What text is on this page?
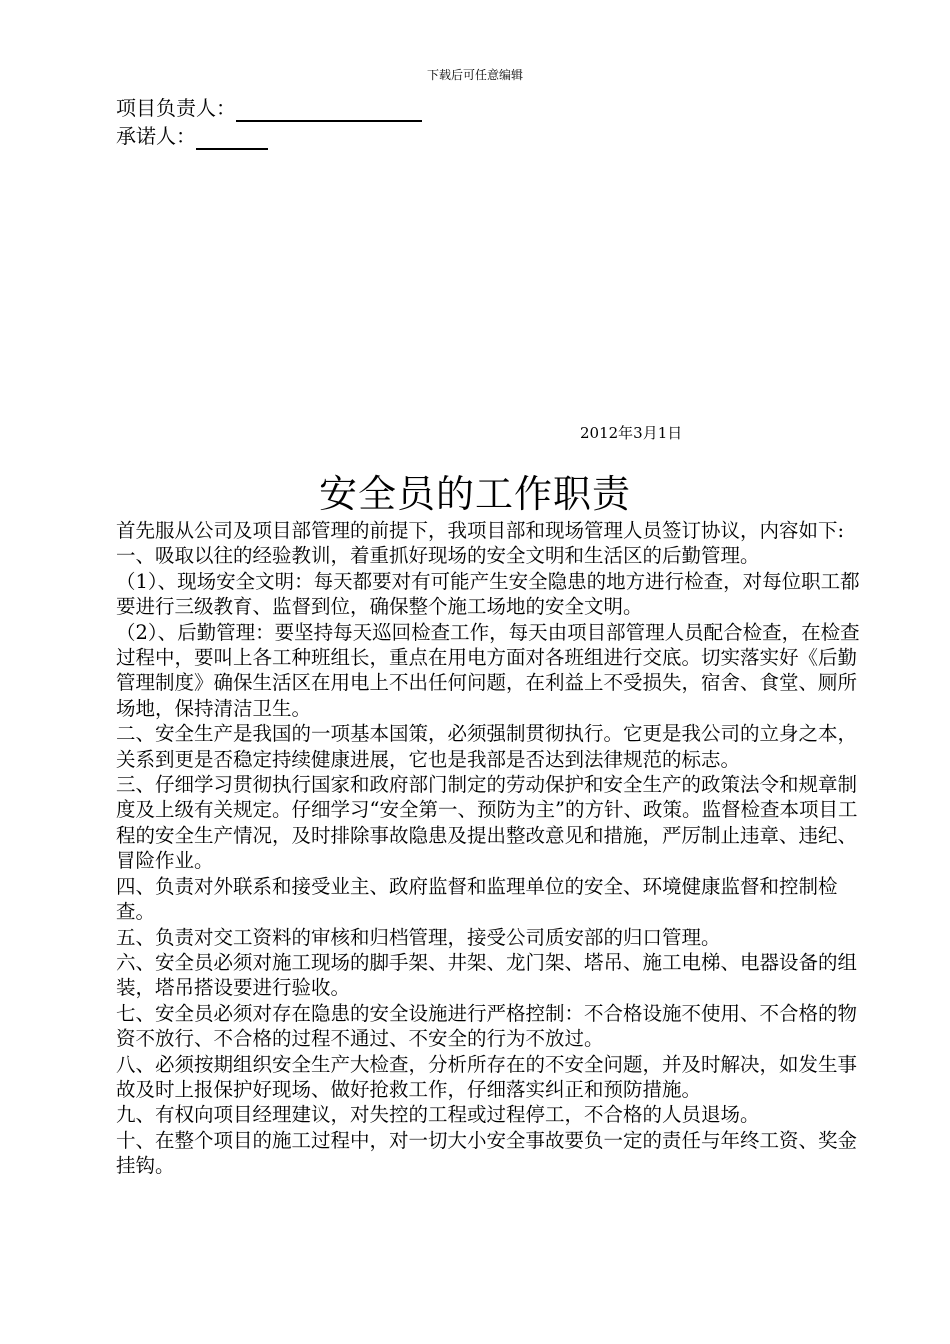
下载后可任意编辑
项目负责人：
承诺人：
2012年3月1日
安全员的工作职责

首先服从公司及项目部管理的前提下，我项目部和现场管理人员签订协议，内容如下:

一、吸取以往的经验教训，着重抓好现场的安全文明和生活区的后勤管理。

（1）、现场安全文明：每天都要对有可能产生安全隐患的地方进行检查，对每位职工都要进行三级教育、监督到位，确保整个施工场地的安全文明。

（2）、后勤管理：要坚持每天巡回检查工作，每天由项目部管理人员配合检查，在检查过程中，要叫上各工种班组长，重点在用电方面对各班组进行交底。切实落实好《后勤管理制度》确保生活区在用电上不出任何问题，在利益上不受损失，宿舍、食堂、厕所场地，保持清洁卫生。

二、安全生产是我国的一项基本国策，必须强制贯彻执行。它更是我公司的立身之本，关系到更是否稳定持续健康进展，它也是我部是否达到法律规范的标志。

三、仔细学习贯彻执行国家和政府部门制定的劳动保护和安全生产的政策法令和规章制度及上级有关规定。仔细学习“安全第一、预防为主”的方针、政策。监督检查本项目工程的安全生产情况，及时排除事故隐患及提出整改意见和措施，严厉制止违章、违纪、冒险作业。

四、负责对外联系和接受业主、政府监督和监理单位的安全、环境健康监督和控制检查。

五、负责对交工资料的审核和归档管理，接受公司质安部的归口管理。

六、安全员必须对施工现场的脚手架、井架、龙门架、塔吊、施工电梯、电器设备的组装，塔吊搭设要进行验收。

七、安全员必须对存在隐患的安全设施进行严格控制：不合格设施不使用、不合格的物资不放行、不合格的过程不通过、不安全的行为不放过。

八、必须按期组织安全生产大检查，分析所存在的不安全问题，并及时解决，如发生事故及时上报保护好现场、做好抢救工作，仔细落实纠正和预防措施。

九、有权向项目经理建议，对失控的工程或过程停工，不合格的人员退场。

十、在整个项目的施工过程中，对一切大小安全事故要负一定的责任与年终工资、奖金挂钩。
